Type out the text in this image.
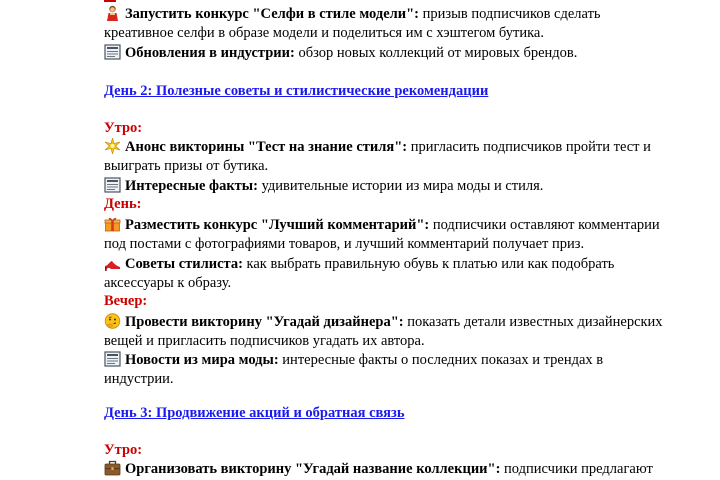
Запустить конкурс "Селфи в стиле модели": призыв подписчиков сделать
креативное селфи в образе модели и поделиться им с хэштегом бутика.
Обновления в индустрии: обзор новых коллекций от мировых брендов.
День 2: Полезные советы и стилистические рекомендации
Утро:
Анонс викторины "Тест на знание стиля": пригласить подписчиков пройти тест и
выиграть призы от бутика.
Интересные факты: удивительные истории из мира моды и стиля.
День:
Разместить конкурс "Лучший комментарий": подписчики оставляют комментарии
под постами с фотографиями товаров, и лучший комментарий получает приз.
Советы стилиста: как выбрать правильную обувь к платью или как подобрать
аксессуары к образу.
Вечер:
Провести викторину "Угадай дизайнера": показать детали известных дизайнерских
вещей и пригласить подписчиков угадать их автора.
Новости из мира моды: интересные факты о последних показах и трендах в
индустрии.
День 3: Продвижение акций и обратная связь
Утро:
Организовать викторину "Угадай название коллекции": подписчики предлагают
